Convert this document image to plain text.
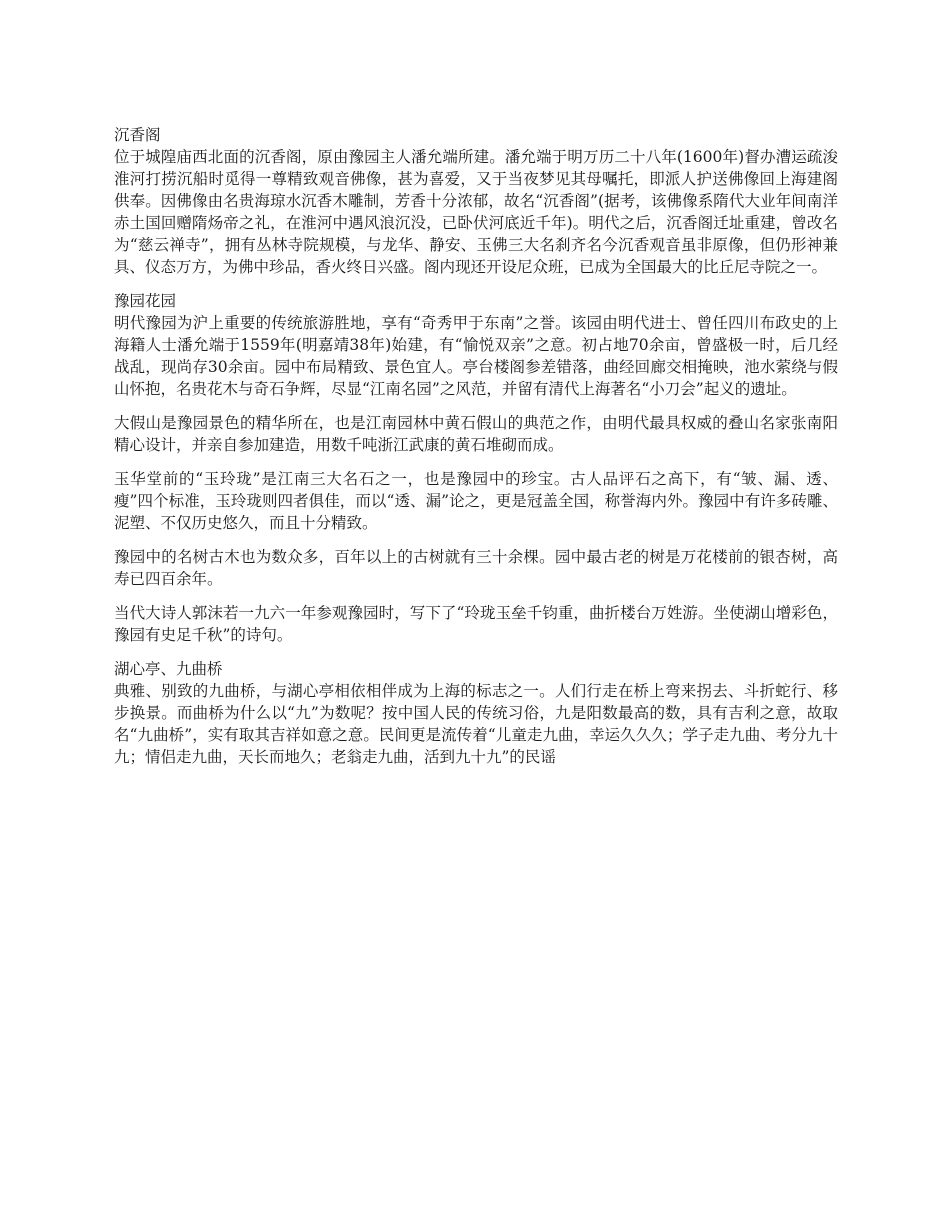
沉香阁

位于城隍庙西北面的沉香阁，原由豫园主人潘允端所建。潘允端于明万历二十八年(1600年)督办漕运疏浚淮河打捞沉船时觅得一尊精致观音佛像，甚为喜爱，又于当夜梦见其母嘱托，即派人护送佛像回上海建阁供奉。因佛像由名贵海琼水沉香木雕制，芳香十分浓郁，故名“沉香阁”(据考，该佛像系隋代大业年间南洋赤土国回赠隋炀帝之礼，在淮河中遇风浪沉没，已卧伏河底近千年)。明代之后，沉香阁迁址重建，曾改名为“慈云禅寺”，拥有丛林寺院规模，与龙华、静安、玉佛三大名刹齐名今沉香观音虽非原像，但仍形神兼具、仪态万方，为佛中珍品，香火终日兴盛。阁内现还开设尼众班，已成为全国最大的比丘尼寺院之一。

豫园花园

明代豫园为沪上重要的传统旅游胜地，享有“奇秀甲于东南”之誉。该园由明代进士、曾任四川布政史的上海籍人士潘允端于1559年(明嘉靖38年)始建，有“愉悦双亲”之意。初占地70余亩，曾盛极一时，后几经战乱，现尚存30余亩。园中布局精致、景色宜人。亭台楼阁参差错落，曲经回廊交相掩映，池水萦绕与假山怀抱，名贵花木与奇石争辉，尽显“江南名园”之风范，并留有清代上海著名“小刀会”起义的遗址。

大假山是豫园景色的精华所在，也是江南园林中黄石假山的典范之作，由明代最具权威的叠山名家张南阳精心设计，并亲自参加建造，用数千吨浙江武康的黄石堆砌而成。

玉华堂前的“玉玲珑”是江南三大名石之一，也是豫园中的珍宝。古人品评石之高下，有“皱、漏、透、瘦”四个标准，玉玲珑则四者俱佳，而以“透、漏”论之，更是冠盖全国，称誉海内外。豫园中有许多砖雕、泥塑、不仅历史悠久，而且十分精致。

豫园中的名树古木也为数众多，百年以上的古树就有三十余棵。园中最古老的树是万花楼前的银杏树，高寿已四百余年。

当代大诗人郭沫若一九六一年参观豫园时，写下了“玲珑玉垒千钧重，曲折楼台万姓游。坐使湖山增彩色，豫园有史足千秋”的诗句。

湖心亭、九曲桥

典雅、别致的九曲桥，与湖心亭相依相伴成为上海的标志之一。人们行走在桥上弯来拐去、斗折蛇行、移步换景。而曲桥为什么以“九”为数呢？按中国人民的传统习俗，九是阳数最高的数，具有吉利之意，故取名“九曲桥”，实有取其吉祥如意之意。民间更是流传着“儿童走九曲，幸运久久久；学子走九曲、考分九十九；情侣走九曲，天长而地久；老翁走九曲，活到九十九”的民谣
